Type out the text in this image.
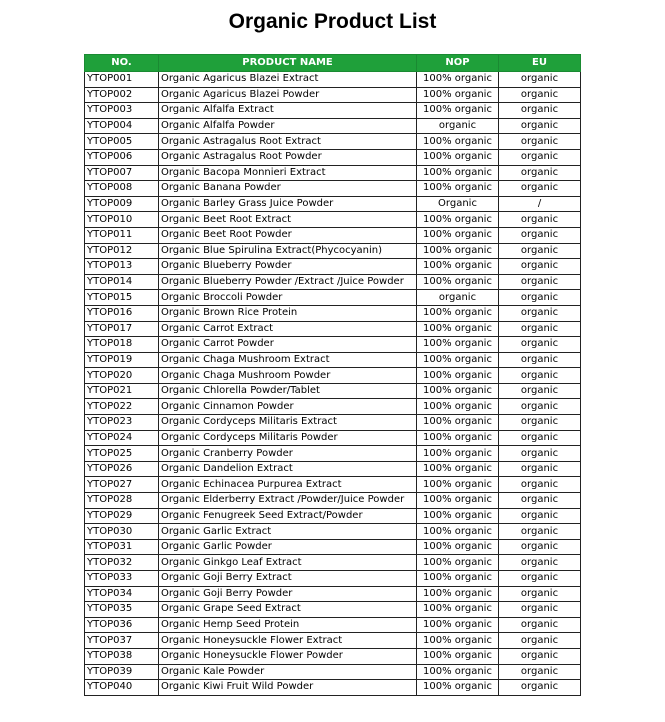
Organic Product List
NO.	PRODUCT NAME	NOP	EU
YTOP001	Organic Agaricus Blazei Extract	100% organic	organic
YTOP002	Organic Agaricus Blazei Powder	100% organic	organic
YTOP003	Organic Alfalfa Extract	100% organic	organic
YTOP004	Organic Alfalfa Powder	organic	organic
YTOP005	Organic Astragalus Root Extract	100% organic	organic
YTOP006	Organic Astragalus Root Powder	100% organic	organic
YTOP007	Organic Bacopa Monnieri Extract	100% organic	organic
YTOP008	Organic Banana Powder	100% organic	organic
YTOP009	Organic Barley Grass Juice Powder	Organic	/
YTOP010	Organic Beet Root Extract	100% organic	organic
YTOP011	Organic Beet Root Powder	100% organic	organic
YTOP012	Organic Blue Spirulina Extract(Phycocyanin)	100% organic	organic
YTOP013	Organic Blueberry Powder	100% organic	organic
YTOP014	Organic Blueberry Powder /Extract /Juice Powder	100% organic	organic
YTOP015	Organic Broccoli Powder	organic	organic
YTOP016	Organic Brown Rice Protein	100% organic	organic
YTOP017	Organic Carrot Extract	100% organic	organic
YTOP018	Organic Carrot Powder	100% organic	organic
YTOP019	Organic Chaga Mushroom Extract	100% organic	organic
YTOP020	Organic Chaga Mushroom Powder	100% organic	organic
YTOP021	Organic Chlorella Powder/Tablet	100% organic	organic
YTOP022	Organic Cinnamon Powder	100% organic	organic
YTOP023	Organic Cordyceps Militaris Extract	100% organic	organic
YTOP024	Organic Cordyceps Militaris Powder	100% organic	organic
YTOP025	Organic Cranberry Powder	100% organic	organic
YTOP026	Organic Dandelion Extract	100% organic	organic
YTOP027	Organic Echinacea Purpurea Extract	100% organic	organic
YTOP028	Organic Elderberry Extract /Powder/Juice Powder	100% organic	organic
YTOP029	Organic Fenugreek Seed Extract/Powder	100% organic	organic
YTOP030	Organic Garlic Extract	100% organic	organic
YTOP031	Organic Garlic Powder	100% organic	organic
YTOP032	Organic Ginkgo Leaf Extract	100% organic	organic
YTOP033	Organic Goji Berry Extract	100% organic	organic
YTOP034	Organic Goji Berry Powder	100% organic	organic
YTOP035	Organic Grape Seed Extract	100% organic	organic
YTOP036	Organic Hemp Seed Protein	100% organic	organic
YTOP037	Organic Honeysuckle Flower Extract	100% organic	organic
YTOP038	Organic Honeysuckle Flower Powder	100% organic	organic
YTOP039	Organic Kale Powder	100% organic	organic
YTOP040	Organic Kiwi Fruit Wild Powder	100% organic	organic
